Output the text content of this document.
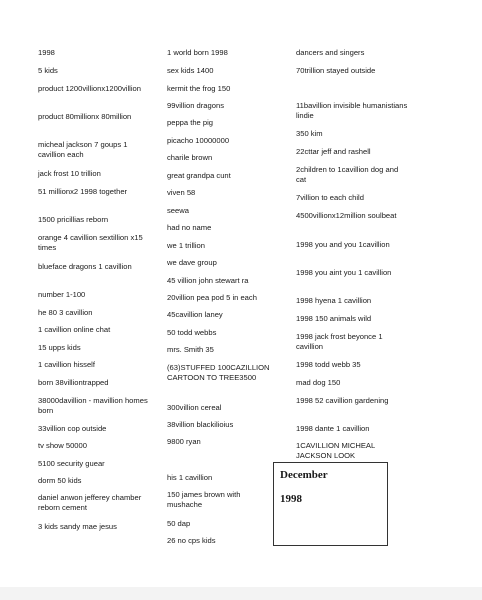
1998
5 kids
product 1200villionx1200villion
product 80millionx 80million
micheal jackson 7 goups 1 cavillion each
jack frost 10 trillion
51 millionx2 1998 together
1500 pricillias reborn
orange 4 cavillion sextillion x15 times
blueface dragons 1 cavillion
number 1-100
he 80 3 cavillion
1 cavillion online chat
15 upps kids
1 cavillion hisself
born 38villiontrapped
38000davillion - mavillion homes born
33villion cop outside
tv show 50000
5100 security guear
dorm 50 kids
daniel anwon jefferey chamber reborn cement
3 kids sandy mae jesus
1 world born 1998
sex kids 1400
kermit the frog 150
99villion dragons
peppa the pig
picacho 10000000
charile brown
great grandpa cunt
viven 58
seewa
had no name
we 1 trillion
we dave group
45 villion john stewart ra
20villion pea pod 5 in each
45cavillion laney
50 todd webbs
mrs. Smith 35
(63)STUFFED 100CAZILLION CARTOON TO TREE3500
300villion cereal
38villion blackilioius
9800 ryan
his 1 cavillion
150 james brown with mushache
50 dap
26 no cps kids
dancers and singers
70trillion stayed outside
11bavillion invisible humanistians lindie
350 kim
22cttar jeff and rashell
2children to 1cavillion dog and cat
7villion to each child
4500villionx12million soulbeat
1998 you and you 1cavillion
1998 you aint you 1 cavillion
1998 hyena 1 cavillion
1998 150 animals wild
1998 jack frost beyonce 1 cavillion
1998 todd webb 35
mad dog 150
1998 52 cavillion gardening
1998 dante 1 cavillion
1CAVILLION MICHEAL JACKSON LOOK
December
1998
